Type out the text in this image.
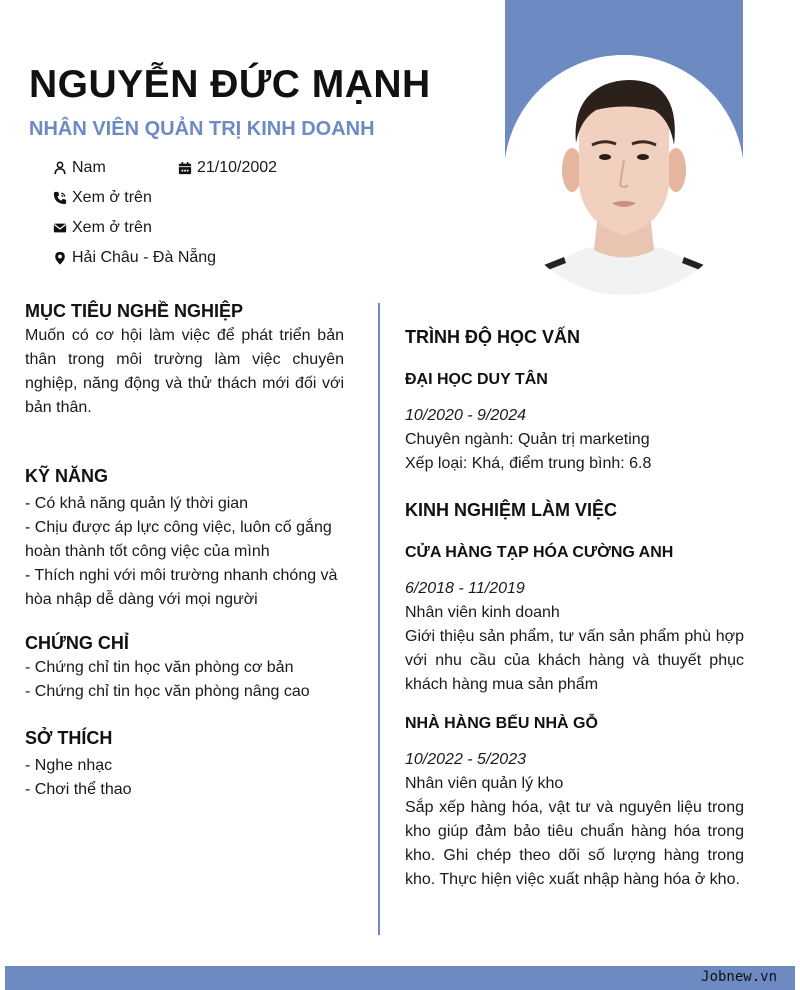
NGUYỄN ĐỨC MẠNH
NHÂN VIÊN QUẢN TRỊ KINH DOANH
Nam	21/10/2002
Xem ở trên
Xem ở trên
Hải Châu - Đà Nẵng
MỤC TIÊU NGHỀ NGHIỆP
Muốn có cơ hội làm việc để phát triển bản thân trong môi trường làm việc chuyên nghiệp, năng động và thử thách mới đối với bản thân.
KỸ NĂNG
- Có khả năng quản lý thời gian
- Chịu được áp lực công việc, luôn cố gắng hoàn thành tốt công việc của mình
- Thích nghi với môi trường nhanh chóng và hòa nhập dễ dàng với mọi người
CHỨNG CHỈ
- Chứng chỉ tin học văn phòng cơ bản
- Chứng chỉ tin học văn phòng nâng cao
SỞ THÍCH
- Nghe nhạc
- Chơi thể thao
TRÌNH ĐỘ HỌC VẤN
ĐẠI HỌC DUY TÂN
10/2020 - 9/2024
Chuyên ngành: Quản trị marketing
Xếp loại: Khá, điểm trung bình: 6.8
KINH NGHIỆM LÀM VIỆC
CỬA HÀNG TẠP HÓA CƯỜNG ANH
6/2018 - 11/2019
Nhân viên kinh doanh
Giới thiệu sản phẩm, tư vấn sản phẩm phù hợp với nhu cầu của khách hàng và thuyết phục khách hàng mua sản phẩm
NHÀ HÀNG BẾU NHÀ GỖ
10/2022 - 5/2023
Nhân viên quản lý kho
Sắp xếp hàng hóa, vật tư và nguyên liệu trong kho giúp đảm bảo tiêu chuẩn hàng hóa trong kho. Ghi chép theo dõi số lượng hàng trong kho. Thực hiện việc xuất nhập hàng hóa ở kho.
Jobnew.vn
